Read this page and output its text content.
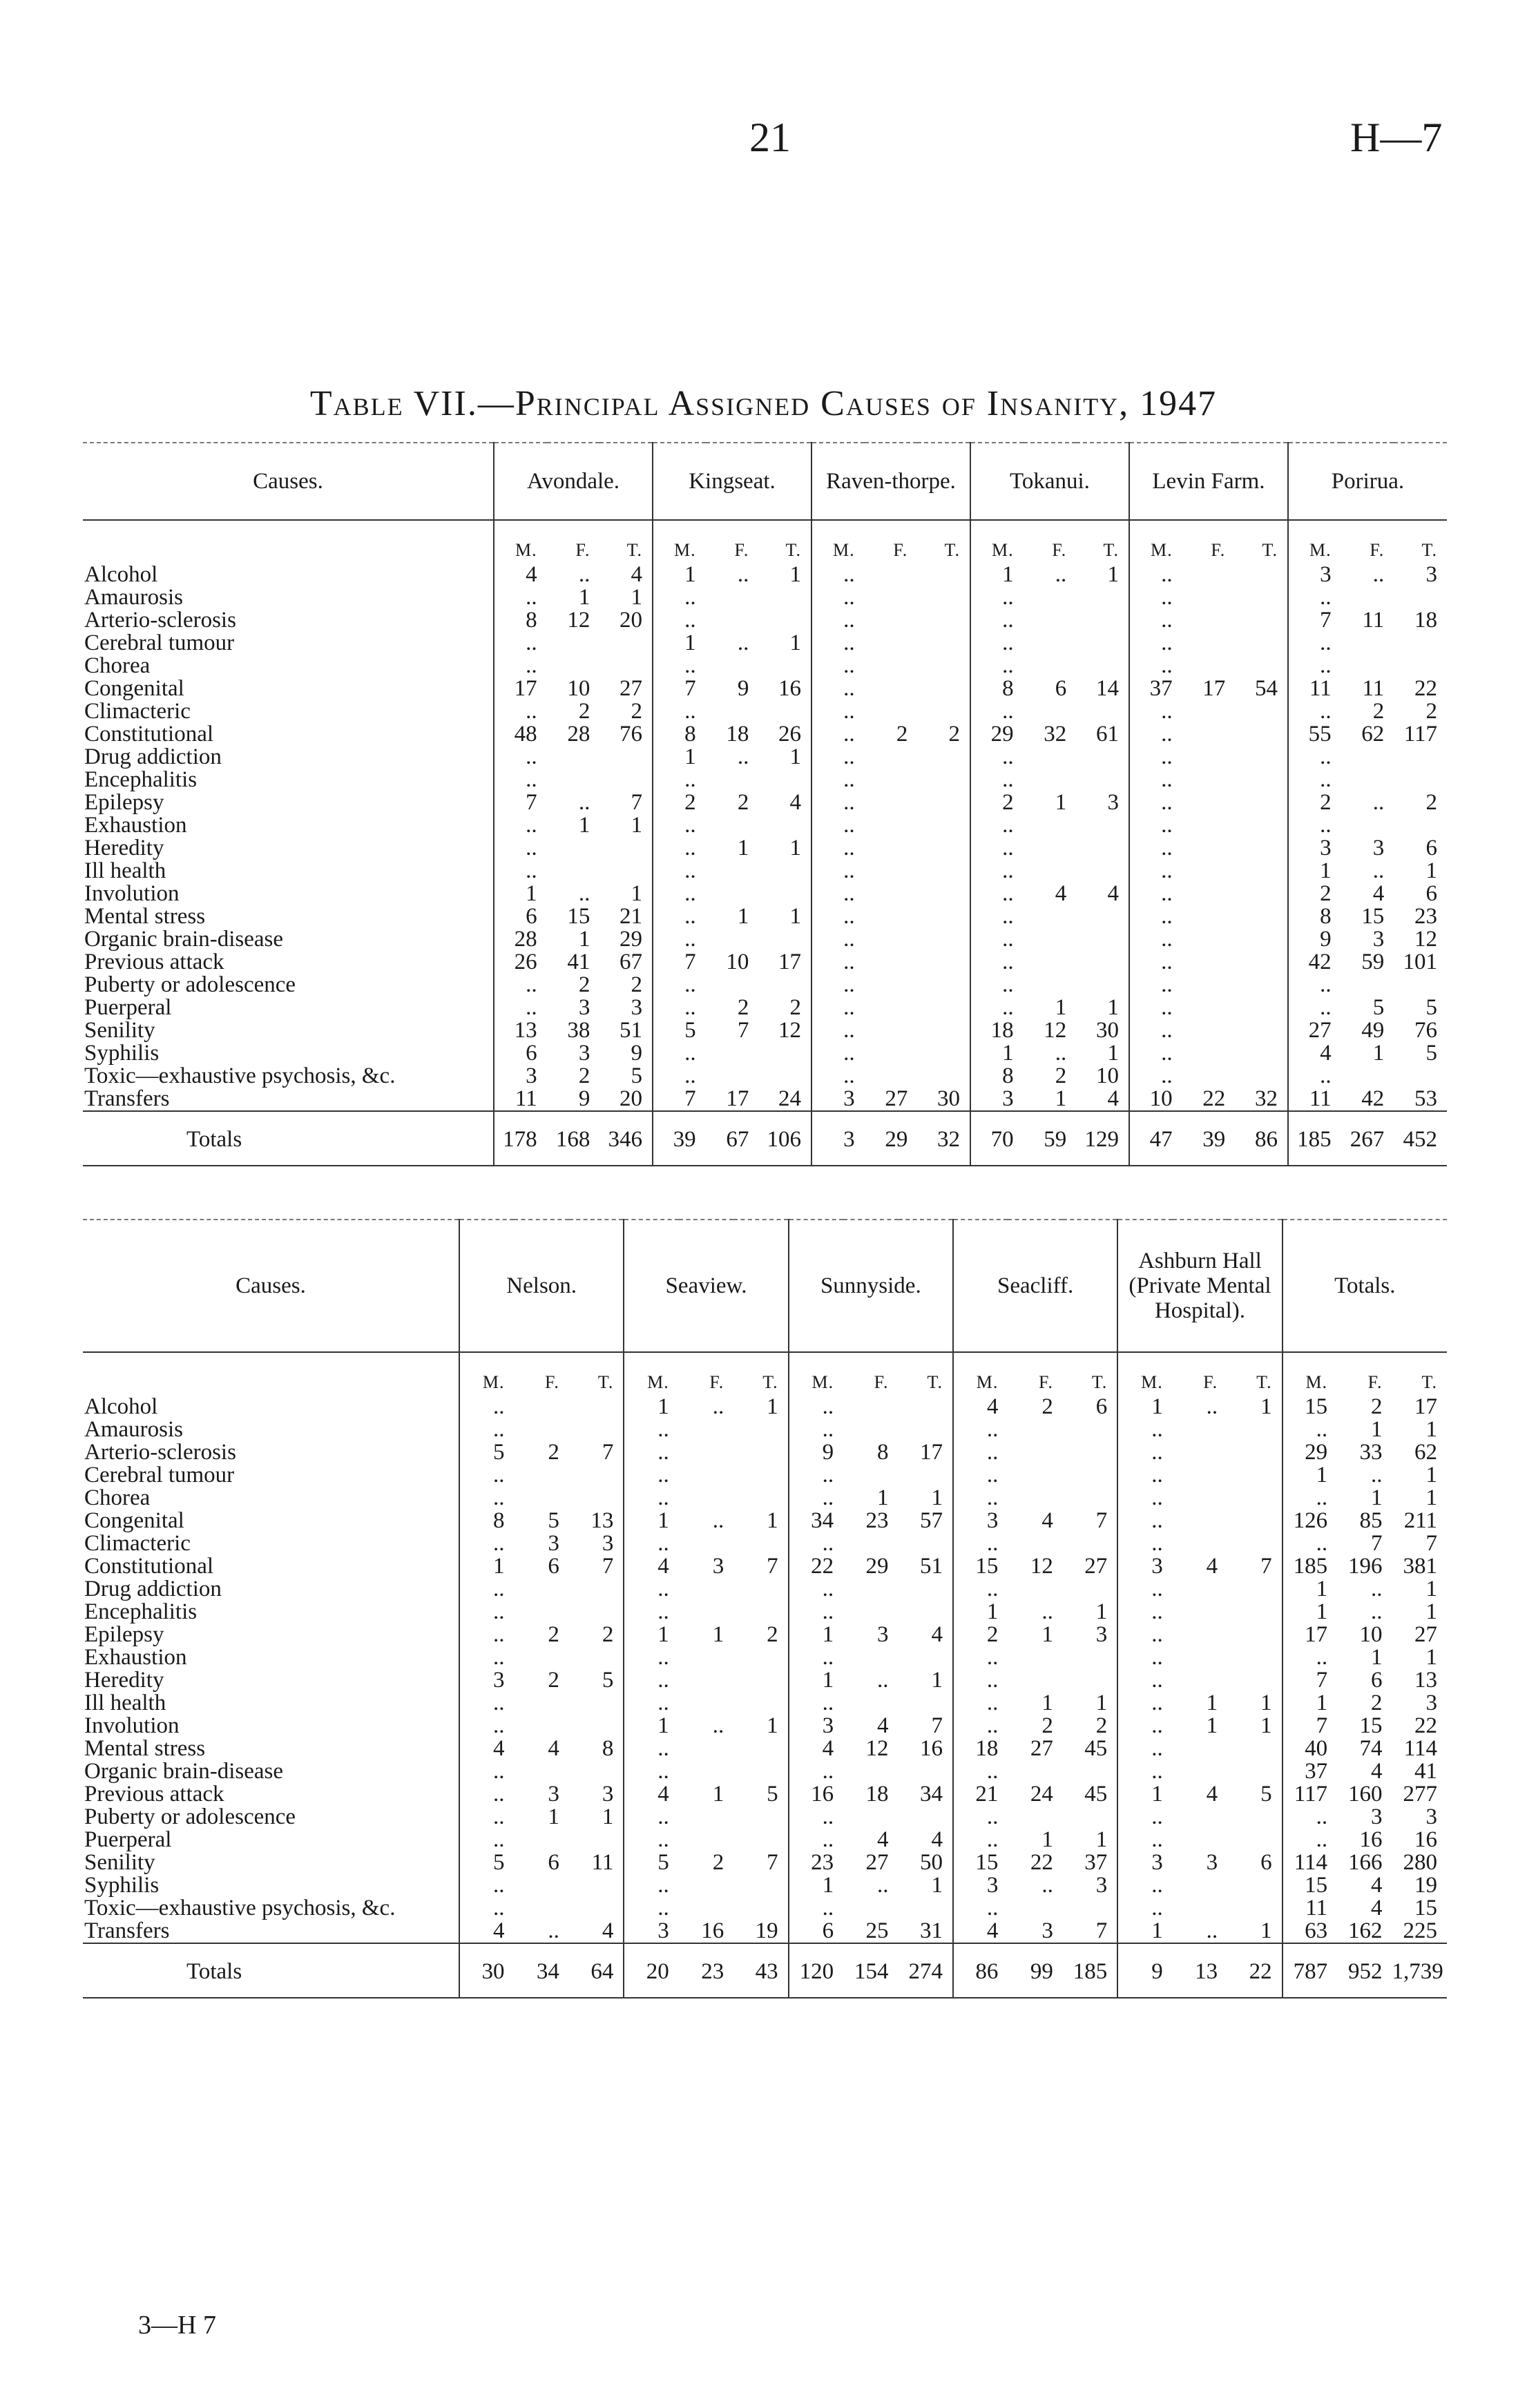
21	H—7
Table VII.—Principal Assigned Causes of Insanity, 1947
Causes.	Avondale.			Kingseat.			Raven-thorpe.			Tokanui.			Levin Farm.			Porirua.		
	M.	F.	T.	M.	F.	T.	M.	F.	T.	M.	F.	T.	M.	F.	T.	M.	F.	T.
Alcohol	4	..	4	1	..	1	..			1	..	1	..			3	..	3
Amaurosis	..	1	1	..			..			..			..			..		
Arterio-sclerosis	8	12	20	..			..			..			..			7	11	18
Cerebral tumour	..			1	..	1	..			..			..			..		
Chorea	..			..			..			..			..			..		
Congenital	17	10	27	7	9	16	..			8	6	14	37	17	54	11	11	22
Climacteric	..	2	2	..			..			..			..			..	2	2
Constitutional	48	28	76	8	18	26	..	2	2	29	32	61	..			55	62	117
Drug addiction	..			1	..	1	..			..			..			..		
Encephalitis	..			..			..			..			..			..		
Epilepsy	7	..	7	2	2	4	..			2	1	3	..			2	..	2
Exhaustion	..	1	1	..			..			..			..			..		
Heredity	..			..	1	1	..			..			..			3	3	6
Ill health	..			..			..			..			..			1	..	1
Involution	1	..	1	..			..			..	4	4	..			2	4	6
Mental stress	6	15	21	..	1	1	..			..			..			8	15	23
Organic brain-disease	28	1	29	..			..			..			..			9	3	12
Previous attack	26	41	67	7	10	17	..			..			..			42	59	101
Puberty or adolescence	..	2	2	..			..			..			..			..		
Puerperal	..	3	3	..	2	2	..			..	1	1	..			..	5	5
Senility	13	38	51	5	7	12	..			18	12	30	..			27	49	76
Syphilis	6	3	9	..			..			1	..	1	..			4	1	5
Toxic—exhaustive psychosis, &c.	3	2	5	..			..			8	2	10	..			..		
Transfers	11	9	20	7	17	24	3	27	30	3	1	4	10	22	32	11	42	53
Totals	178	168	346	39	67	106	3	29	32	70	59	129	47	39	86	185	267	452
Causes.	Nelson.			Seaview.			Sunnyside.			Seacliff.			Ashburn Hall (Private Mental Hospital).			Totals.		
	M.	F.	T.	M.	F.	T.	M.	F.	T.	M.	F.	T.	M.	F.	T.	M.	F.	T.
Alcohol	..			1	..	1	..			4	2	6	1	..	1	15	2	17
Amaurosis	..			..			..			..			..			..	1	1
Arterio-sclerosis	5	2	7	..			9	8	17	..			..			29	33	62
Cerebral tumour	..			..			..			..			..			1	..	1
Chorea	..			..			..	1	1	..			..			..	1	1
Congenital	8	5	13	1	..	1	34	23	57	3	4	7	..			126	85	211
Climacteric	..	3	3	..			..			..			..			..	7	7
Constitutional	1	6	7	4	3	7	22	29	51	15	12	27	3	4	7	185	196	381
Drug addiction	..			..			..			..			..			1	..	1
Encephalitis	..			..			..			1	..	1	..			1	..	1
Epilepsy	..	2	2	1	1	2	1	3	4	2	1	3	..			17	10	27
Exhaustion	..			..			..			..			..			..	1	1
Heredity	3	2	5	..			1	..	1	..			..			7	6	13
Ill health	..			..			..			..	1	1	..	1	1	1	2	3
Involution	..			1	..	1	3	4	7	..	2	2	..	1	1	7	15	22
Mental stress	4	4	8	..			4	12	16	18	27	45	..			40	74	114
Organic brain-disease	..			..			..			..			..			37	4	41
Previous attack	..	3	3	4	1	5	16	18	34	21	24	45	1	4	5	117	160	277
Puberty or adolescence	..	1	1	..			..			..			..			..	3	3
Puerperal	..			..			..	4	4	..	1	1	..			..	16	16
Senility	5	6	11	5	2	7	23	27	50	15	22	37	3	3	6	114	166	280
Syphilis	..			..			1	..	1	3	..	3	..			15	4	19
Toxic—exhaustive psychosis, &c.	..			..			..			..			..			11	4	15
Transfers	4	..	4	3	16	19	6	25	31	4	3	7	1	..	1	63	162	225
Totals	30	34	64	20	23	43	120	154	274	86	99	185	9	13	22	787	952	1,739
3—H 7
